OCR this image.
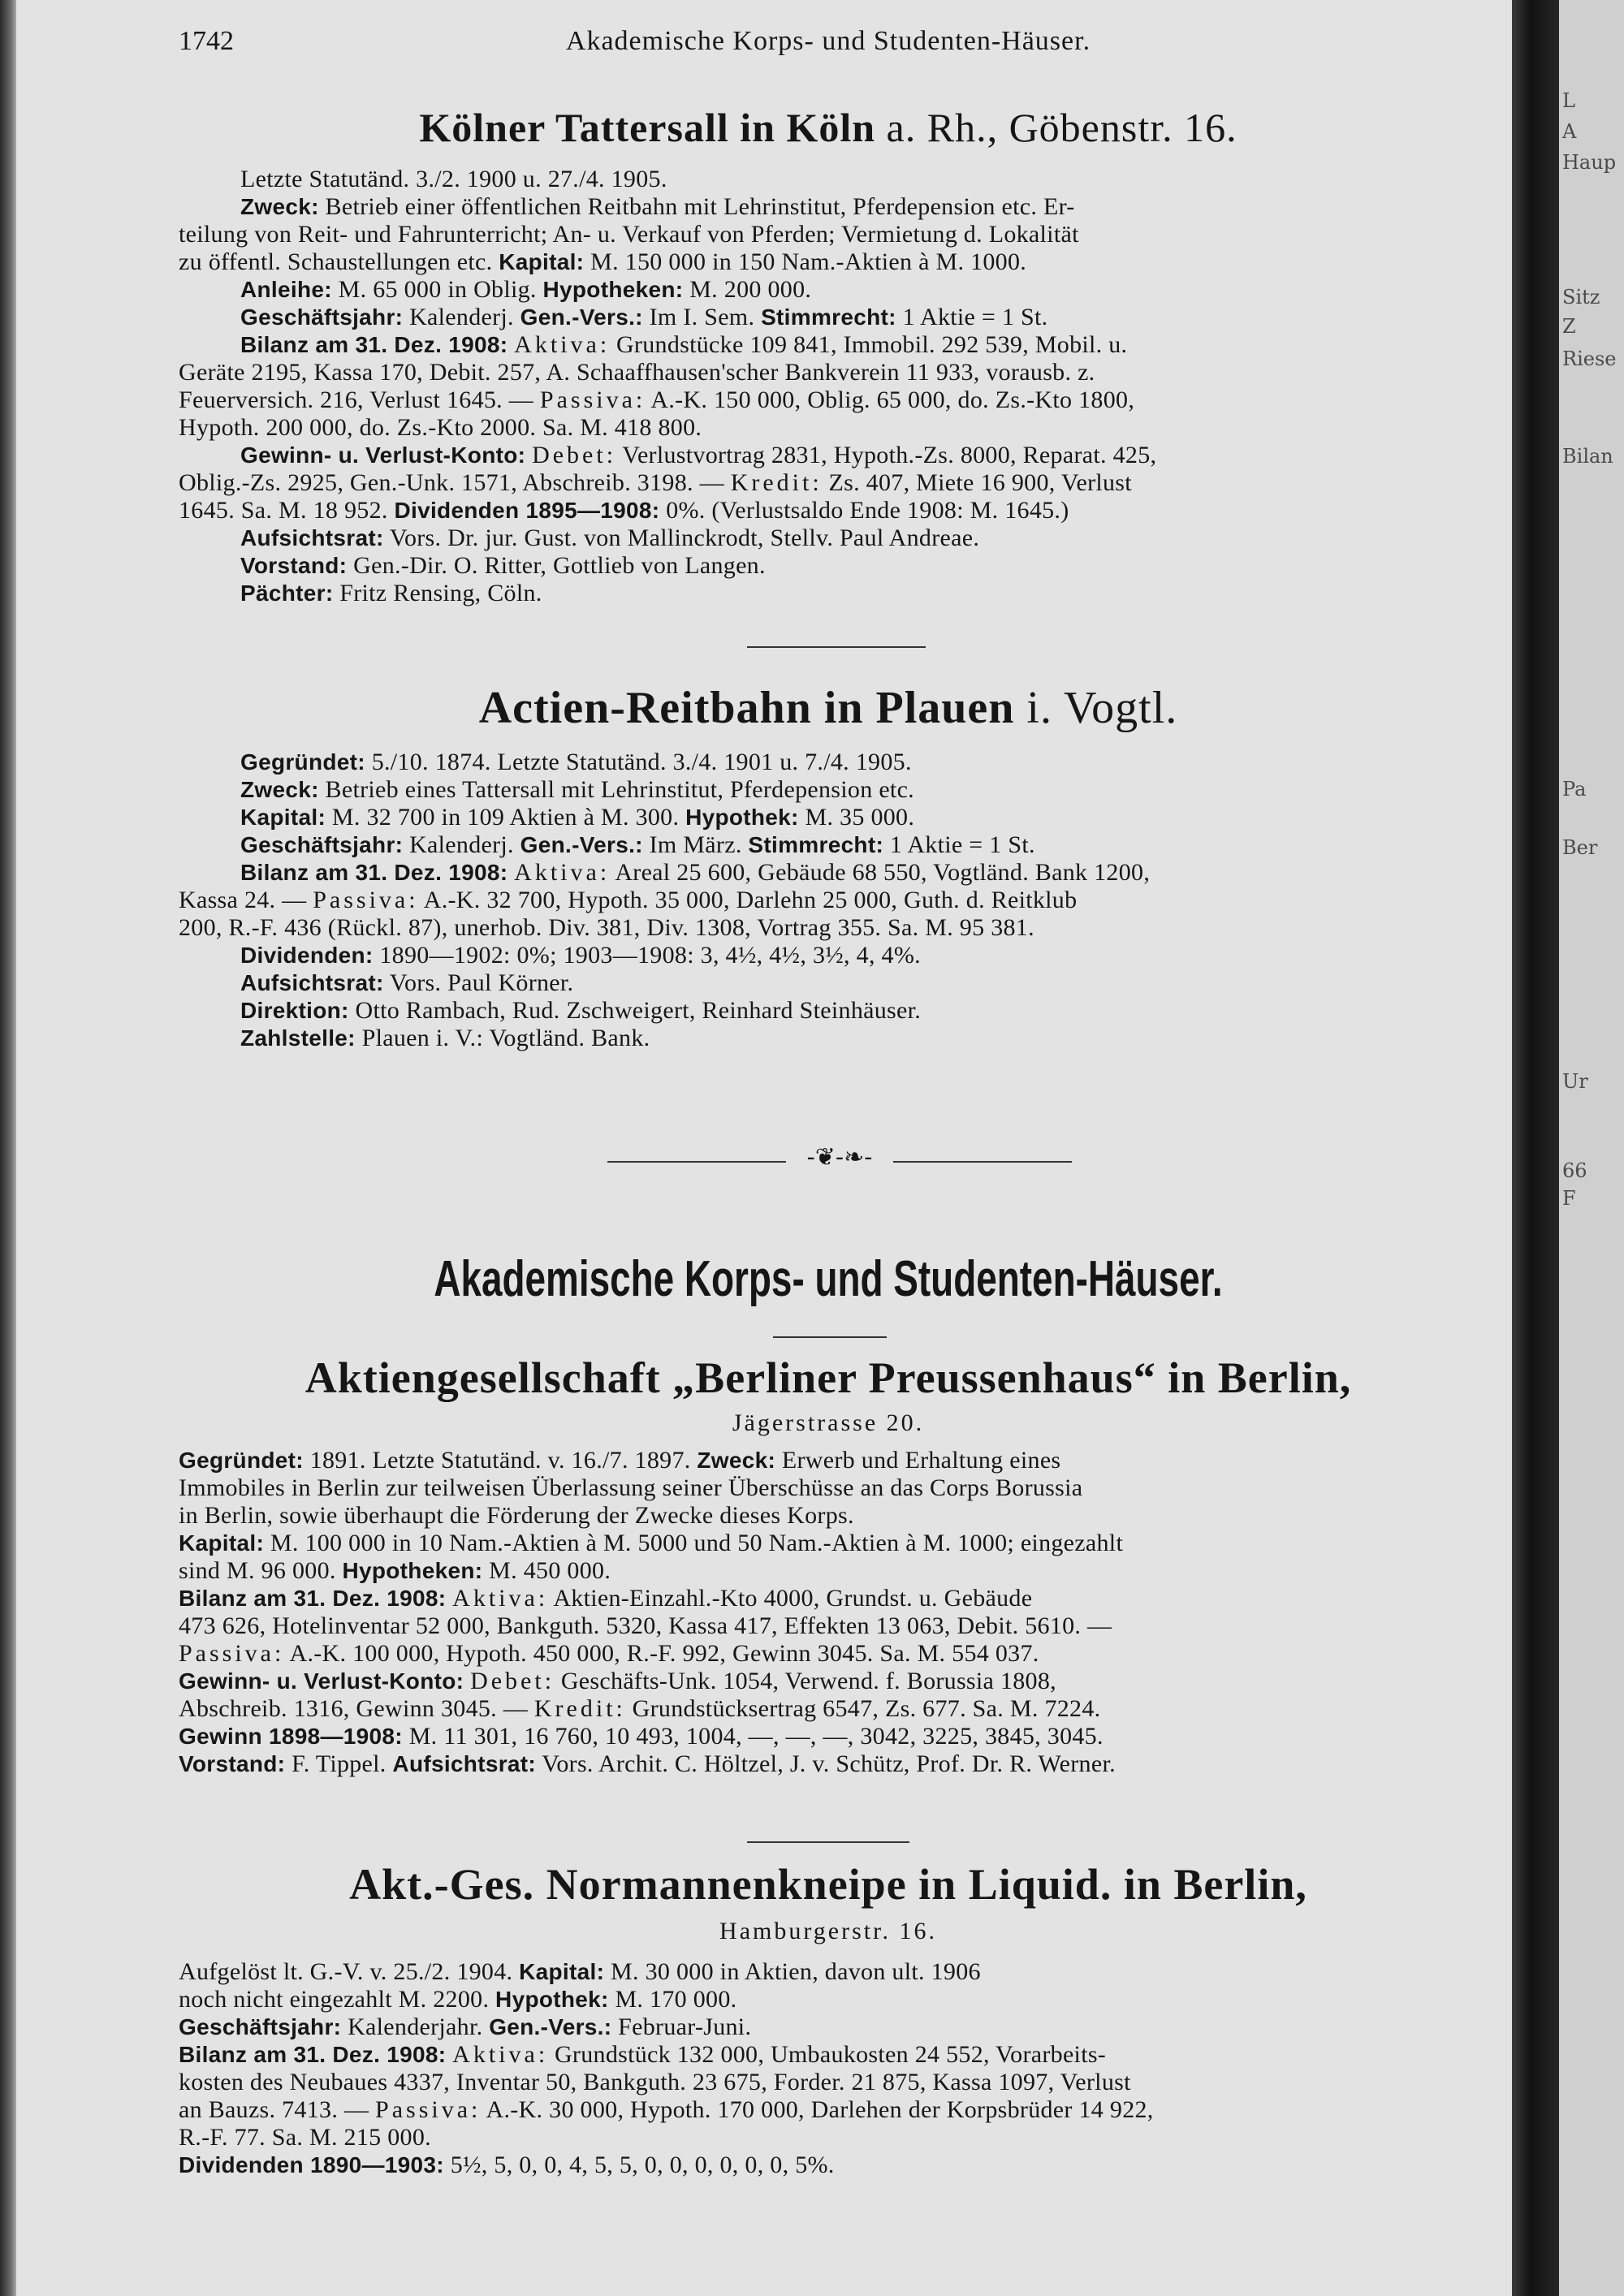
L
A
Haup
Sitz
Z
Riese
Bilan
Pa
Ber
Ur
66
F
1742	Akademische Korps- und Studenten-Häuser.
Kölner Tattersall in Köln a. Rh., Göbenstr. 16.
Letzte Statutänd. 3./2. 1900 u. 27./4. 1905.
Zweck: Betrieb einer öffentlichen Reitbahn mit Lehrinstitut, Pferdepension etc. Er-
teilung von Reit- und Fahrunterricht; An- u. Verkauf von Pferden; Vermietung d. Lokalität
zu öffentl. Schaustellungen etc. Kapital: M. 150 000 in 150 Nam.-Aktien à M. 1000.
Anleihe: M. 65 000 in Oblig. Hypotheken: M. 200 000.
Geschäftsjahr: Kalenderj. Gen.-Vers.: Im I. Sem. Stimmrecht: 1 Aktie = 1 St.
Bilanz am 31. Dez. 1908: Aktiva: Grundstücke 109 841, Immobil. 292 539, Mobil. u.
Geräte 2195, Kassa 170, Debit. 257, A. Schaaffhausen'scher Bankverein 11 933, vorausb. z.
Feuerversich. 216, Verlust 1645. — Passiva: A.-K. 150 000, Oblig. 65 000, do. Zs.-Kto 1800,
Hypoth. 200 000, do. Zs.-Kto 2000. Sa. M. 418 800.
Gewinn- u. Verlust-Konto: Debet: Verlustvortrag 2831, Hypoth.-Zs. 8000, Reparat. 425,
Oblig.-Zs. 2925, Gen.-Unk. 1571, Abschreib. 3198. — Kredit: Zs. 407, Miete 16 900, Verlust
1645. Sa. M. 18 952. Dividenden 1895—1908: 0%. (Verlustsaldo Ende 1908: M. 1645.)
Aufsichtsrat: Vors. Dr. jur. Gust. von Mallinckrodt, Stellv. Paul Andreae.
Vorstand: Gen.-Dir. O. Ritter, Gottlieb von Langen.
Pächter: Fritz Rensing, Cöln.
Actien-Reitbahn in Plauen i. Vogtl.
Gegründet: 5./10. 1874. Letzte Statutänd. 3./4. 1901 u. 7./4. 1905.
Zweck: Betrieb eines Tattersall mit Lehrinstitut, Pferdepension etc.
Kapital: M. 32 700 in 109 Aktien à M. 300. Hypothek: M. 35 000.
Geschäftsjahr: Kalenderj. Gen.-Vers.: Im März. Stimmrecht: 1 Aktie = 1 St.
Bilanz am 31. Dez. 1908: Aktiva: Areal 25 600, Gebäude 68 550, Vogtländ. Bank 1200,
Kassa 24. — Passiva: A.-K. 32 700, Hypoth. 35 000, Darlehn 25 000, Guth. d. Reitklub
200, R.-F. 436 (Rückl. 87), unerhob. Div. 381, Div. 1308, Vortrag 355. Sa. M. 95 381.
Dividenden: 1890—1902: 0%; 1903—1908: 3, 4½, 4½, 3½, 4, 4%.
Aufsichtsrat: Vors. Paul Körner.
Direktion: Otto Rambach, Rud. Zschweigert, Reinhard Steinhäuser.
Zahlstelle: Plauen i. V.: Vogtländ. Bank.
-❦-❧-
Akademische Korps- und Studenten-Häuser.
Aktiengesellschaft „Berliner Preussenhaus“ in Berlin,
Jägerstrasse 20.
Gegründet: 1891. Letzte Statutänd. v. 16./7. 1897. Zweck: Erwerb und Erhaltung eines
Immobiles in Berlin zur teilweisen Überlassung seiner Überschüsse an das Corps Borussia
in Berlin, sowie überhaupt die Förderung der Zwecke dieses Korps.
Kapital: M. 100 000 in 10 Nam.-Aktien à M. 5000 und 50 Nam.-Aktien à M. 1000; eingezahlt
sind M. 96 000. Hypotheken: M. 450 000.
Bilanz am 31. Dez. 1908: Aktiva: Aktien-Einzahl.-Kto 4000, Grundst. u. Gebäude
473 626, Hotelinventar 52 000, Bankguth. 5320, Kassa 417, Effekten 13 063, Debit. 5610. —
Passiva: A.-K. 100 000, Hypoth. 450 000, R.-F. 992, Gewinn 3045. Sa. M. 554 037.
Gewinn- u. Verlust-Konto: Debet: Geschäfts-Unk. 1054, Verwend. f. Borussia 1808,
Abschreib. 1316, Gewinn 3045. — Kredit: Grundstücksertrag 6547, Zs. 677. Sa. M. 7224.
Gewinn 1898—1908: M. 11 301, 16 760, 10 493, 1004, —, —, —, 3042, 3225, 3845, 3045.
Vorstand: F. Tippel. Aufsichtsrat: Vors. Archit. C. Höltzel, J. v. Schütz, Prof. Dr. R. Werner.
Akt.-Ges. Normannenkneipe in Liquid. in Berlin,
Hamburgerstr. 16.
Aufgelöst lt. G.-V. v. 25./2. 1904. Kapital: M. 30 000 in Aktien, davon ult. 1906
noch nicht eingezahlt M. 2200. Hypothek: M. 170 000.
Geschäftsjahr: Kalenderjahr. Gen.-Vers.: Februar-Juni.
Bilanz am 31. Dez. 1908: Aktiva: Grundstück 132 000, Umbaukosten 24 552, Vorarbeits-
kosten des Neubaues 4337, Inventar 50, Bankguth. 23 675, Forder. 21 875, Kassa 1097, Verlust
an Bauzs. 7413. — Passiva: A.-K. 30 000, Hypoth. 170 000, Darlehen der Korpsbrüder 14 922,
R.-F. 77. Sa. M. 215 000.
Dividenden 1890—1903: 5½, 5, 0, 0, 4, 5, 5, 0, 0, 0, 0, 0, 0, 5%.
